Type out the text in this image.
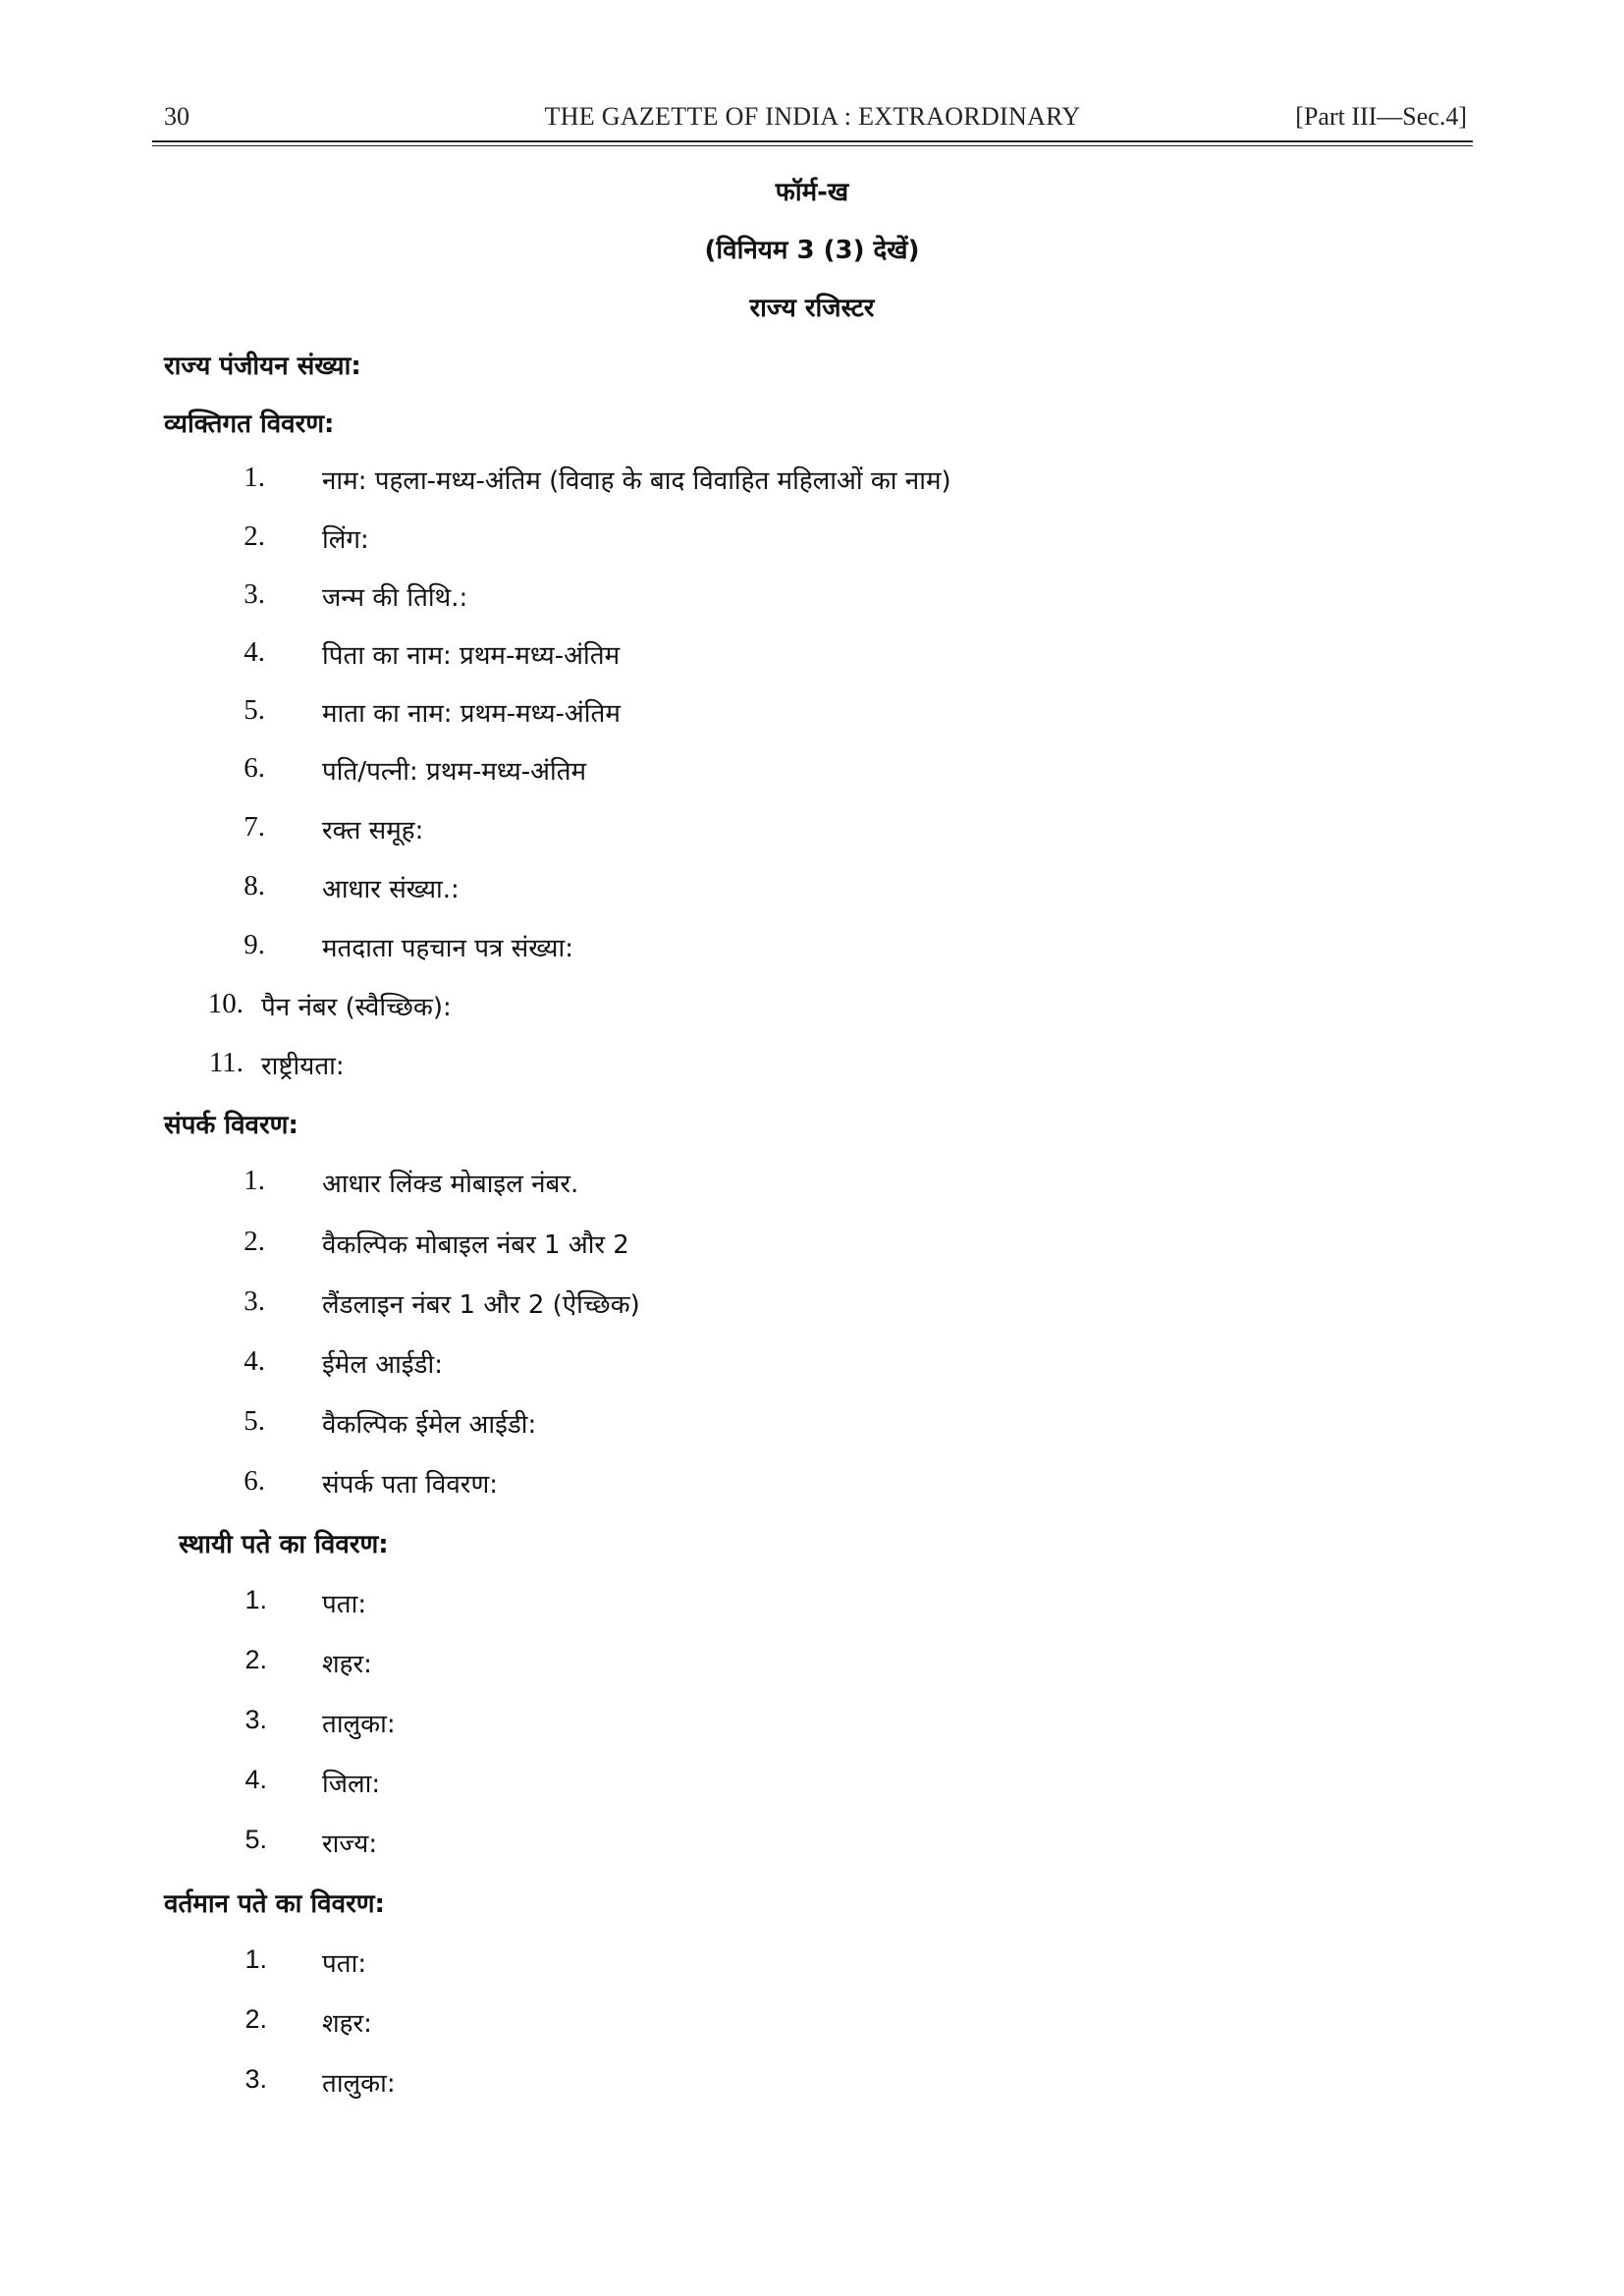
30	THE GAZETTE OF INDIA : EXTRAORDINARY	[Part III—Sec.4]
फॉर्म-ख
(विनियम 3 (3) देखें)
राज्य रजिस्टर
राज्य पंजीयन संख्या:
व्यक्तिगत विवरण:
1. नाम: पहला-मध्य-अंतिम (विवाह के बाद विवाहित महिलाओं का नाम)
2. लिंग:
3. जन्म की तिथि.:
4. पिता का नाम: प्रथम-मध्य-अंतिम
5. माता का नाम: प्रथम-मध्य-अंतिम
6. पति/पत्नी: प्रथम-मध्य-अंतिम
7. रक्त समूह:
8. आधार संख्या.:
9. मतदाता पहचान पत्र संख्या:
10. पैन नंबर (स्वैच्छिक):
11. राष्ट्रीयता:
संपर्क विवरण:
1. आधार लिंक्ड मोबाइल नंबर.
2. वैकल्पिक मोबाइल नंबर 1 और 2
3. लैंडलाइन नंबर 1 और 2 (ऐच्छिक)
4. ईमेल आईडी:
5. वैकल्पिक ईमेल आईडी:
6. संपर्क पता विवरण:
स्थायी पते का विवरण:
1. पता:
2. शहर:
3. तालुका:
4. जिला:
5. राज्य:
वर्तमान पते का विवरण:
1. पता:
2. शहर:
3. तालुका:
